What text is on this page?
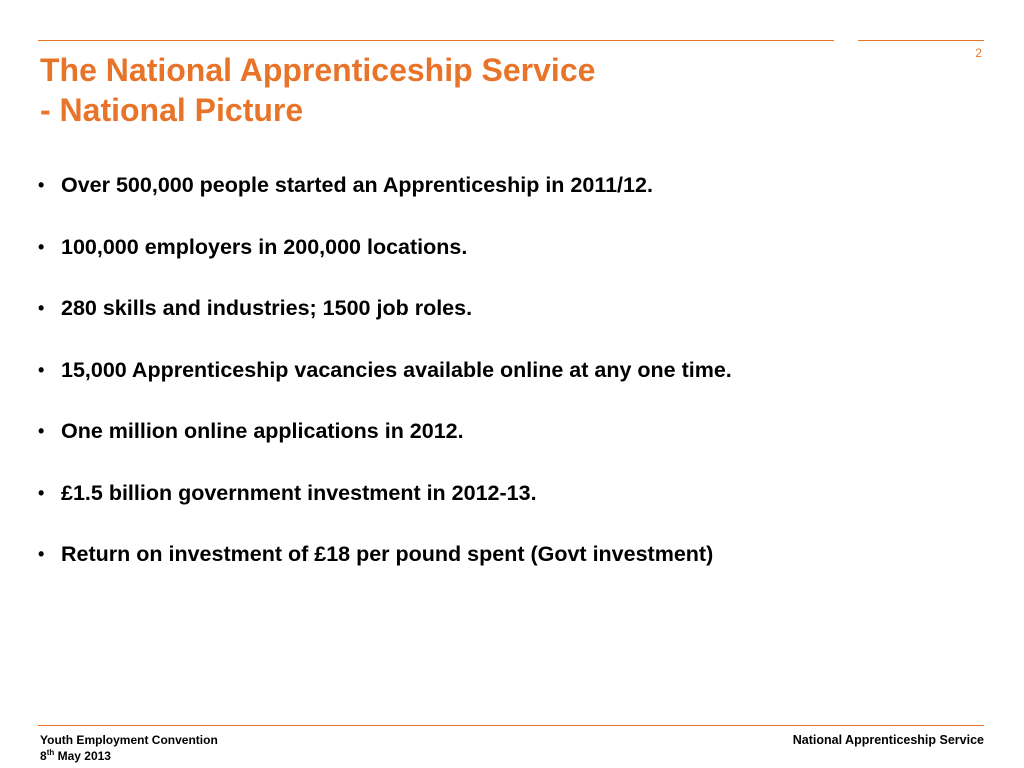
2
The National Apprenticeship Service
- National Picture
• Over 500,000 people started an Apprenticeship in 2011/12.
• 100,000 employers in 200,000 locations.
• 280 skills and industries; 1500 job roles.
• 15,000 Apprenticeship vacancies available online at any one time.
• One million online applications in 2012.
• £1.5 billion government investment in 2012-13.
• Return on investment of £18 per pound spent (Govt investment)
Youth Employment Convention
8th May 2013
National Apprenticeship Service
